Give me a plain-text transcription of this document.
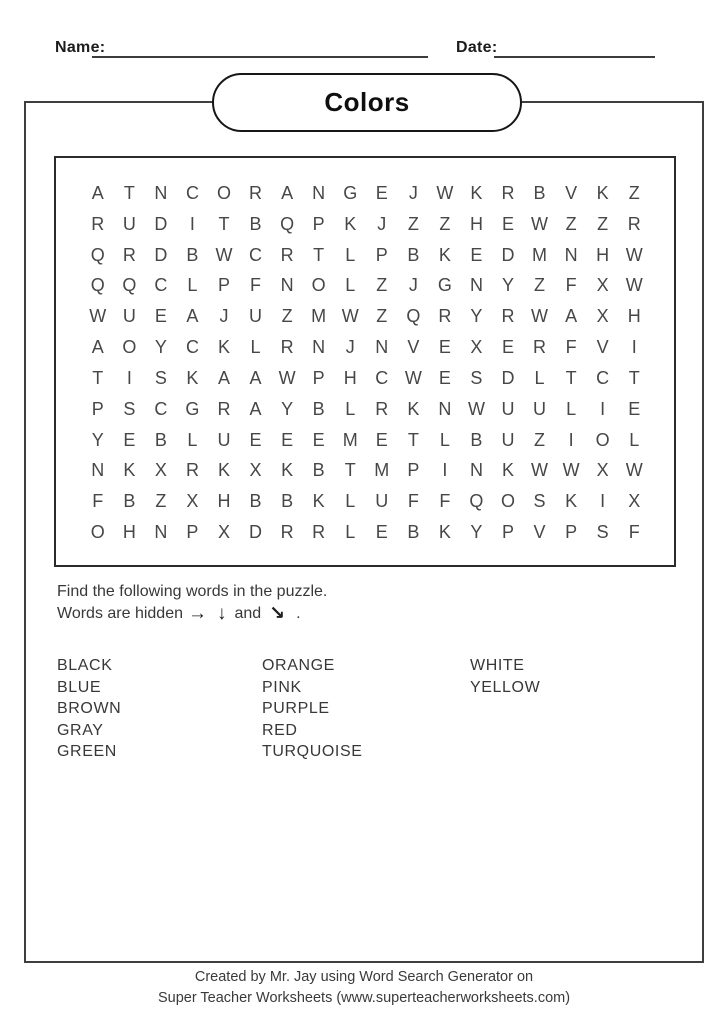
Name:	Date:
Colors
A	T	N	C	O	R	A	N	G	E	J	W K	R	B	V	K	Z
R	U	D	I	T	B	Q	P	K	J	Z	Z	H	E W Z	Z	R
Q	R	D	B W C	R	T	L	P	B	K	E	D M N	H W
Q Q	C	L	P	F	N	O	L	Z	J	G	N	Y	Z	F	X W
W U	E	A	J	U	Z	M W Z	Q	R	Y	R W A	X	H
A	O	Y	C	K	L	R	N	J	N	V	E	X	E	R	F	V	I
T	I	S	K	A	A W P	H	C W E	S	D	L	T	C	T
P	S	C	G	R	A	Y	B	L	R	K	N W U	U	L	I	E
Y	E	B	L	U	E	E	E	M	E	T	L	B	U	Z	I	O	L
N	K	X	R	K	X	K	B	T	M	P	I	N	K W W X W
F	B	Z	X	H	B	B	K	L	U	F	F	Q O	S	K	I	X
O	H	N	P	X	D	R	R	L	E	B	K	Y	P	V	P	S	F
Find the following words in the puzzle.
Words are hidden → ↓ and ↘ .
BLACK
BLUE
BROWN
GRAY
GREEN
ORANGE
PINK
PURPLE
RED
TURQUOISE
WHITE
YELLOW
Created by Mr. Jay using Word Search Generator on
Super Teacher Worksheets (www.superteacherworksheets.com)
